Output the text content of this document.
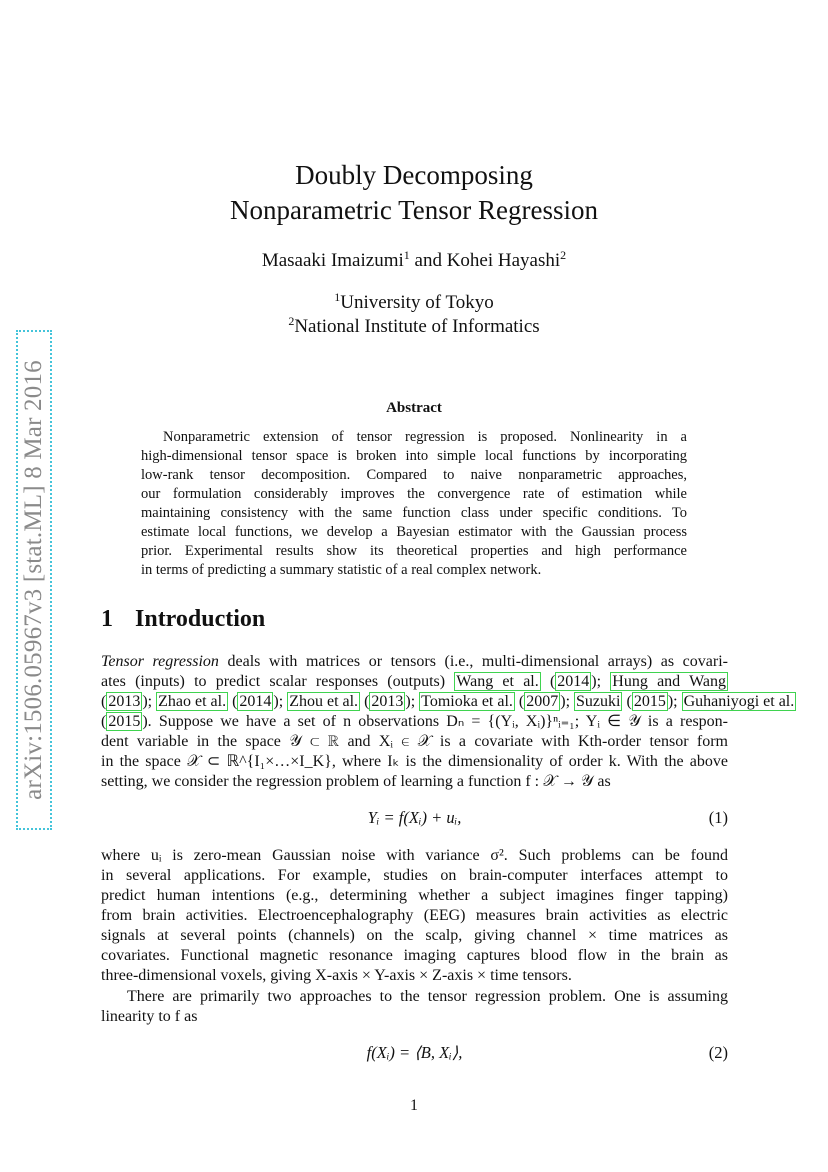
arXiv:1506.05967v3 [stat.ML] 8 Mar 2016
Doubly Decomposing
Nonparametric Tensor Regression
Masaaki Imaizumi$^1$ and Kohei Hayashi$^2$
$^1$University of Tokyo
$^2$National Institute of Informatics
Abstract
Nonparametric extension of tensor regression is proposed. Nonlinearity in a
high-dimensional tensor space is broken into simple local functions by incorporating
low-rank tensor decomposition. Compared to naive nonparametric approaches,
our formulation considerably improves the convergence rate of estimation while
maintaining consistency with the same function class under specific conditions. To
estimate local functions, we develop a Bayesian estimator with the Gaussian process
prior. Experimental results show its theoretical properties and high performance
in terms of predicting a summary statistic of a real complex network.
1 Introduction
Tensor regression deals with matrices or tensors (i.e., multi-dimensional arrays) as covari-
ates (inputs) to predict scalar responses (outputs) Wang et al. ( 2014 ); Hung and Wang
( 2013 ); Zhao et al. ( 2014 ); Zhou et al. ( 2013 ); Tomioka et al. ( 2007 ); Suzuki ( 2015 ); Guhaniyogi et al.
( 2015 ). Suppose we have a set of n observations Dₙ = {(Yᵢ, Xᵢ)}ⁿᵢ₌₁; Yᵢ ∈ 𝒴 is a respon-
dent variable in the space 𝒴 ⊂ ℝ and Xᵢ ∈ 𝒳 is a covariate with Kth-order tensor form
in the space 𝒳 ⊂ ℝ^{I₁×…×I_K}, where Iₖ is the dimensionality of order k. With the above
setting, we consider the regression problem of learning a function f : 𝒳 → 𝒴 as
Yᵢ = f(Xᵢ) + uᵢ,	(1)
where uᵢ is zero-mean Gaussian noise with variance σ². Such problems can be found
in several applications. For example, studies on brain-computer interfaces attempt to
predict human intentions (e.g., determining whether a subject imagines finger tapping)
from brain activities. Electroencephalography (EEG) measures brain activities as electric
signals at several points (channels) on the scalp, giving channel × time matrices as
covariates. Functional magnetic resonance imaging captures blood flow in the brain as
three-dimensional voxels, giving X-axis × Y-axis × Z-axis × time tensors.
There are primarily two approaches to the tensor regression problem. One is assuming
linearity to f as
f(Xᵢ) = ⟨B, Xᵢ⟩,	(2)
1
